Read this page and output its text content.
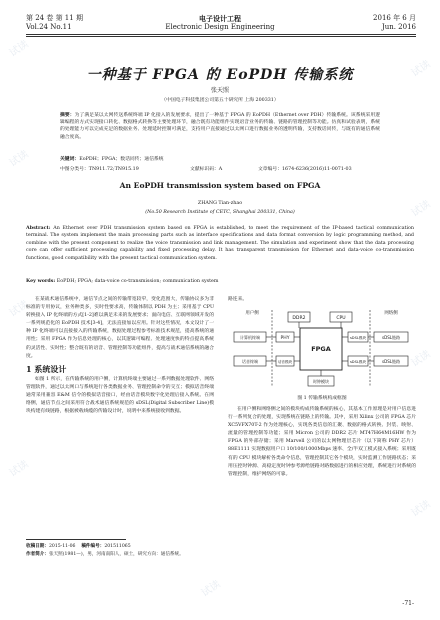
试读
试读
试读
试读
试读
试读
试读
试读
试读
第 24 卷 第 11 期
Vol.24 No.11
电子设计工程
Electronic Design Engineering
2016 年 6 月
Jun. 2016
一种基于 FPGA 的 EoPDH 传输系统
张天照
（中国电子科技集团公司第五十研究所 上海 200331）
摘要：为了满足某以太网传送系统终端 IP 化接入的发展要求，提出了一种基于 FPGA 的 EoPDH（Ethernet over PDH）传输系统。该系统采用逻辑编程的方式实现接口转化、数据格式转换等主要处理环节，融合既有功能组件实现语音业务的传输、链路的管理控制等功能。仿真和试验表明，系统的处理能力可以完成充足的数据业务、处理延时控制可满足，支持用户直接通过以太网口进行数据业务的透明传输，支持数话同传，与既有的通信系统融合度高。
关键词：EoPDH；FPGA；数话同传；通信系统
中图分类号：TN911.72;TN915.19	文献标识码：A	文章编号：1674-6236(2016)11-0071-03
An EoPDH transmission system based on FPGA
ZHANG Tian-zhao
(No.50 Research Institute of CETC, Shanghai 200331, China)
Abstract: An Ethernet over PDH transmission system based on FPGA is established, to meet the requirement of the IP-based tactical communication terminal. The system implement the main processing parts such as interface specifications and data format conversion by logic programming method, and combine with the present component to realize the voice transmission and link management. The simulation and experiment show that the data processing core can offer sufficient processing capability and fixed processing delay. It has transparent transmission for Ethernet and data-voice co-transmission functions, good compatibility with the present tactical communication system.
Key words: EoPDH; FPGA; data-voice co-transmission; communication system

在某战术通信系统中，通信节点之间的传输带宽较窄，变化范围大，传输协议多为非标准的专用协议，业务种类多，实时性要求高，传输体制以 PDH 为主；采用基于 CPU 转换接入 IP 化终端的方式[1-2]难以满足未来的发展要求；面向电信、互联网领域开发的一系列规范化的 EoPDH 技术[3-4]，无法直接加以应用。针对这些情况，本文设计了一种 IP 化终端可以直接接入的传输系统，数据处理过程参考标准技术规范，提高系统的通用性；采用 FPGA 作为信息处理的核心，以其逻辑可编程、处理速度快的特点提高系统的灵活性、实时性；整合既有的语音、管理控制等功能组件，提高与战术通信系统的融合度。

1 系统设计

如图 1 所示，在传输系统的用户侧，计算机终端主要通过一系列数据处理软件、网络管理软件，通过以太网口与系统进行各类数据业务、管理控制命令的交互；模拟话音终端通常采用兼容 E&M 信令的模拟话音接口，经由话音模块数字化处理后接入系统。在网络侧，通信节点之间采用符合战术通信系统规范的 sDSL(Digital Subscriber Line)模块构建有线链路，根据被载线缆的传输设计时，说明中来系统接收到数据。

收稿日期：2015-11-06 稿件编号：201511065
作者简介：张天照(1981—)，男，河南南阳人，硕士，研究方向：通信系统。

路连来。

FPGA
DDR2	CPU
PHY
话音模块
sDSL模块
sDSL模块
时钟模块
计算机终端
话音终端
sDSL链路
sDSL链路
用户侧	网络侧
图 1 传输系统构成框图

在用户侧和网络侧之间的模块构成传输系统的核心，其基本工作原理是对用户信息进行一系列复合的处理，实现系统在链路上的传输。其中，采用 Xilinx 公司的 FPGA 芯片 XC5VFX70T-2 作为处理核心，实现各类信息的汇聚、数据的格式转换、封装、映射、流量的管理控制等功能；采用 Micron 公司的 DDR2 芯片 MT47H64M16HW 作为 FPGA 的外部存储；采用 Marvell 公司的以太网物理层芯片（以下简称 PHY 芯片）88E1111 实现数据用户口 10/100/1000Mbps 速率、全/半双工模式接入系统；采用既有的 CPU 模块解析各类命令信息，管理控制其它各个模块，实时监测工作链路状态；采用压控时钟源、高稳定度时钟参考源给链路对路数据进行的相应处理，系统进行对系统的管理控制，维护网络的可靠。

-71-
